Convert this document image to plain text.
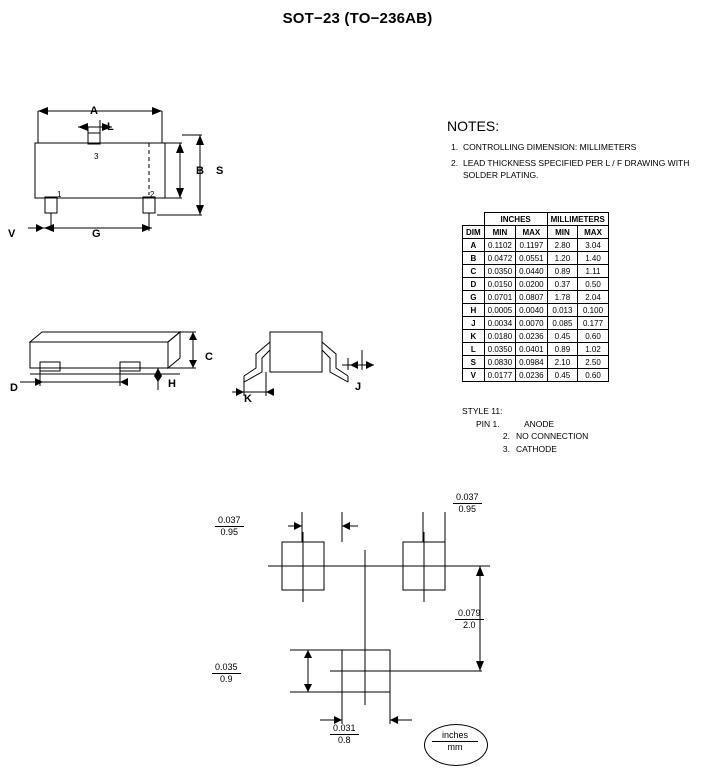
SOT−23 (TO−236AB)
A
L
B S
G
V
1	2
3
C
D	H
K
J
NOTES:
1. CONTROLLING DIMENSION: MILLIMETERS
2. LEAD THICKNESS SPECIFIED PER L / F DRAWING WITH
SOLDER PLATING.
	INCHES		MILLIMETERS	
DIM	MIN	MAX	MIN	MAX
A	0.1102	0.1197	2.80	3.04
B	0.0472	0.0551	1.20	1.40
C	0.0350	0.0440	0.89	1.11
D	0.0150	0.0200	0.37	0.50
G	0.0701	0.0807	1.78	2.04
H	0.0005	0.0040	0.013	0.100
J	0.0034	0.0070	0.085	0.177
K	0.0180	0.0236	0.45	0.60
L	0.0350	0.0401	0.89	1.02
S	0.0830	0.0984	2.10	2.50
V	0.0177	0.0236	0.45	0.60
STYLE 11:
PIN 1.	ANODE
2. NO CONNECTION
3. CATHODE
$\frac{0.037}{0.95}$
$\frac{0.037}{0.95}$
$\frac{0.079}{2.0}$
$\frac{0.035}{0.9}$
$\frac{0.031}{0.8}$	inches
mm
